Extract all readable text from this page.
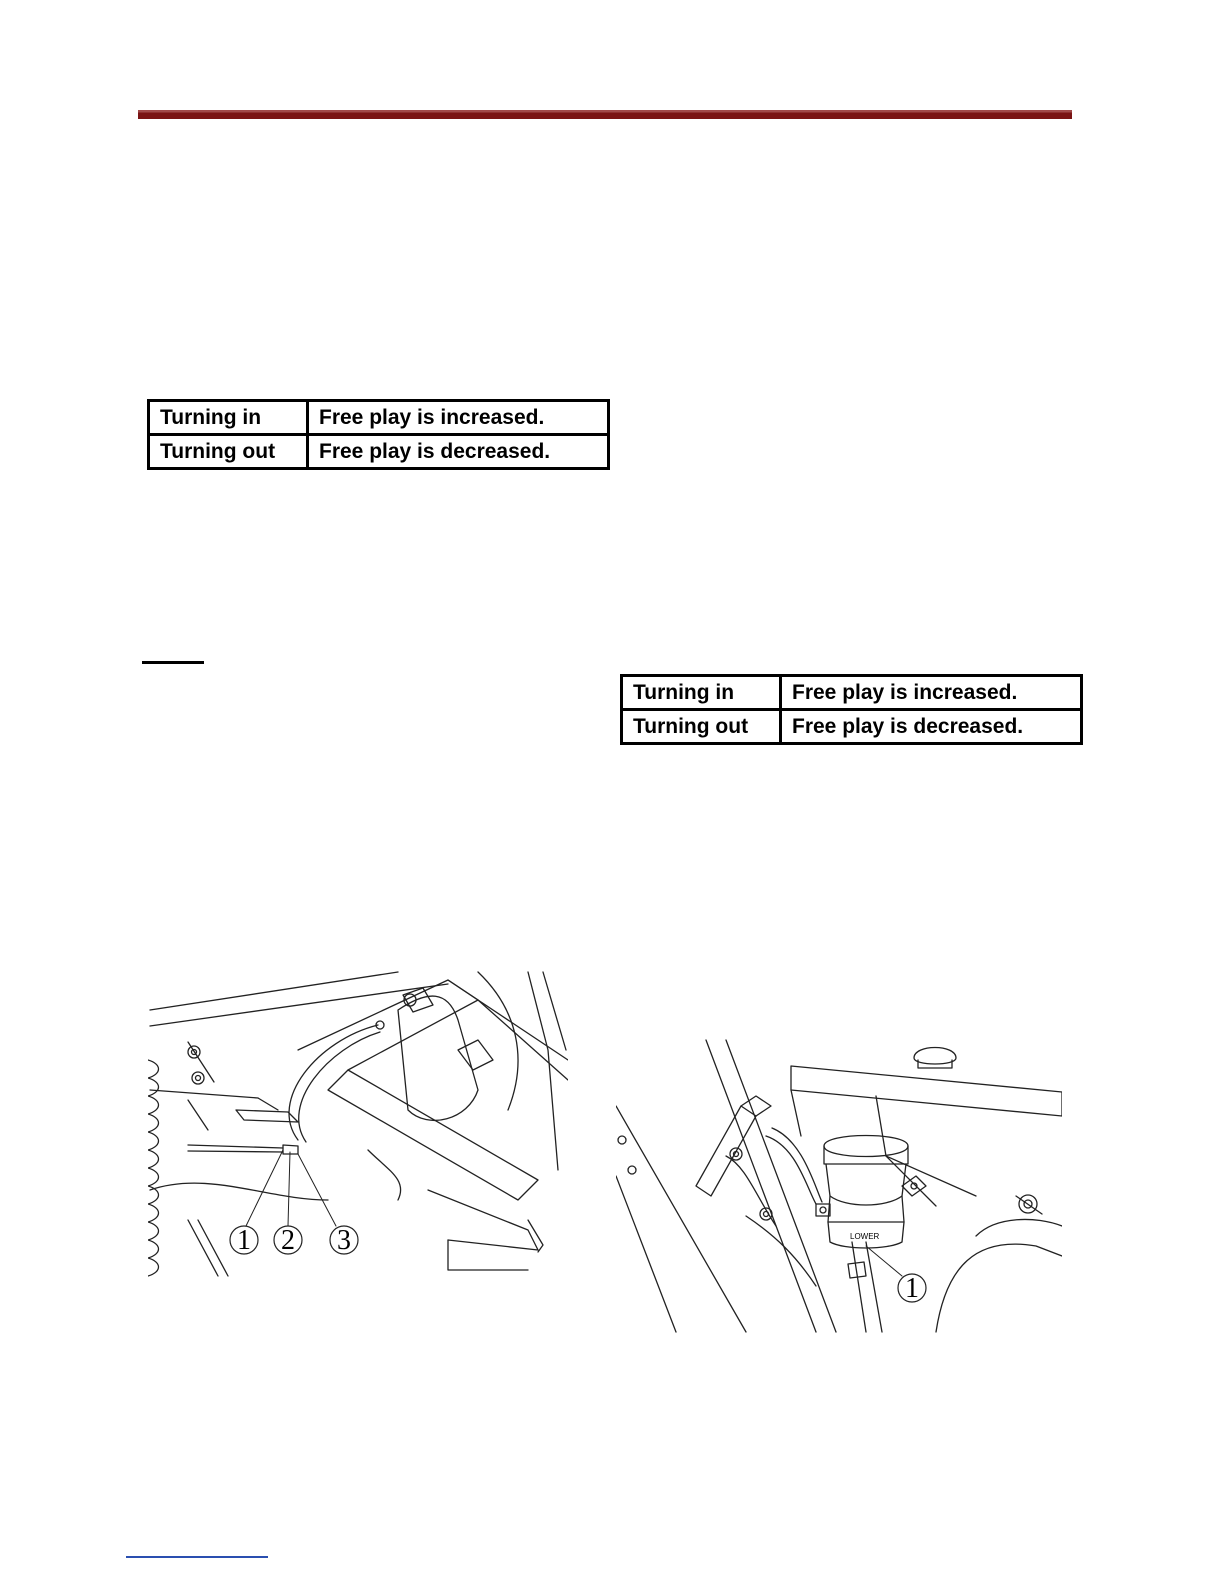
Turning in	Free play is increased.
Turning out	Free play is decreased.
Turning in	Free play is increased.
Turning out	Free play is decreased.
1 2 3	LOWER
1
